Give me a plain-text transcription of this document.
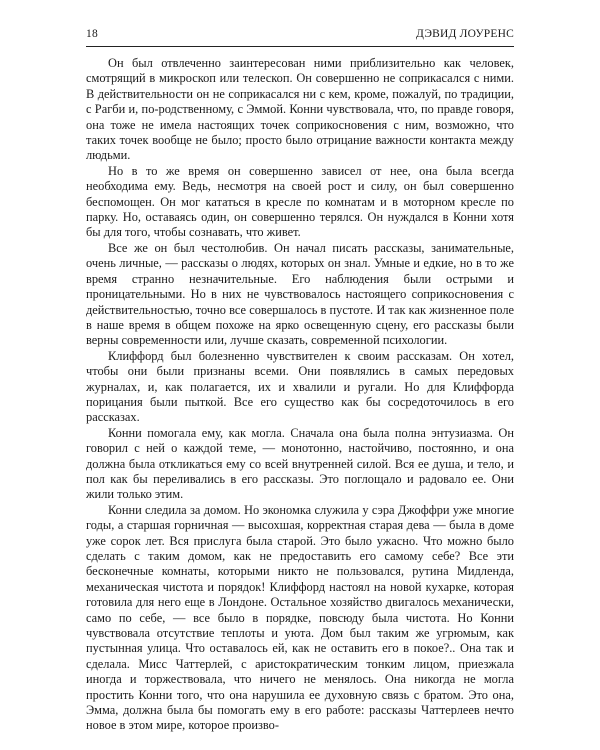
18	ДЭВИД ЛОУРЕНС

Он был отвлеченно заинтересован ними приблизительно как человек, смотрящий в микроскоп или телескоп. Он совершенно не соприкасался с ними. В действительности он не соприкасался ни с кем, кроме, пожалуй, по традиции, с Рагби и, по-родственному, с Эммой. Конни чувствовала, что, по правде говоря, она тоже не имела настоящих точек соприкосновения с ним, возможно, что таких точек вообще не было; просто было отрицание важности контакта между людьми.

Но в то же время он совершенно зависел от нее, она была всегда необходима ему. Ведь, несмотря на своей рост и силу, он был совершенно беспомощен. Он мог кататься в кресле по комнатам и в моторном кресле по парку. Но, оставаясь один, он совершенно терялся. Он нуждался в Конни хотя бы для того, чтобы сознавать, что живет.

Все же он был честолюбив. Он начал писать рассказы, занимательные, очень личные, — рассказы о людях, которых он знал. Умные и едкие, но в то же время странно незначительные. Его наблюдения были острыми и проницательными. Но в них не чувствовалось настоящего соприкосновения с действительностью, точно все совершалось в пустоте. И так как жизненное поле в наше время в общем похоже на ярко освещенную сцену, его рассказы были верны современности или, лучше сказать, современной психологии.

Клиффорд был болезненно чувствителен к своим рассказам. Он хотел, чтобы они были признаны всеми. Они появлялись в самых передовых журналах, и, как полагается, их и хвалили и ругали. Но для Клиффорда порицания были пыткой. Все его существо как бы сосредоточилось в его рассказах.

Конни помогала ему, как могла. Сначала она была полна энтузиазма. Он говорил с ней о каждой теме, — монотонно, настойчиво, постоянно, и она должна была откликаться ему со всей внутренней силой. Вся ее душа, и тело, и пол как бы переливались в его рассказы. Это поглощало и радовало ее. Они жили только этим.

Конни следила за домом. Но экономка служила у сэра Джоффри уже многие годы, а старшая горничная — высохшая, корректная старая дева — была в доме уже сорок лет. Вся прислуга была старой. Это было ужасно. Что можно было сделать с таким домом, как не предоставить его самому себе? Все эти бесконечные комнаты, которыми никто не пользовался, рутина Мидленда, механическая чистота и порядок! Клиффорд настоял на новой кухарке, которая готовила для него еще в Лондоне. Остальное хозяйство двигалось механически, само по себе, — все было в порядке, повсюду была чистота. Но Конни чувствовала отсутствие теплоты и уюта. Дом был таким же угрюмым, как пустынная улица. Что оставалось ей, как не оставить его в покое?.. Она так и сделала. Мисс Чаттерлей, с аристократическим тонким лицом, приезжала иногда и торжествовала, что ничего не менялось. Она никогда не могла простить Конни того, что она нарушила ее духовную связь с братом. Это она, Эмма, должна была бы помогать ему в его работе: рассказы Чаттерлеев нечто новое в этом мире, которое произво-
